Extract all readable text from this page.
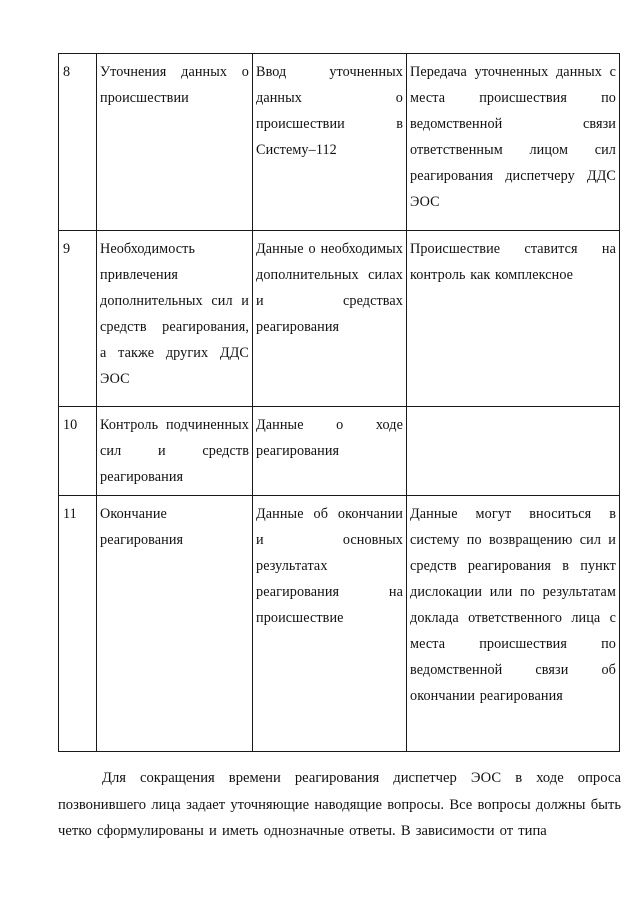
8	Уточнения данных о происшествии	Ввод уточненных данных о происшествии в Систему–112	Передача уточненных данных с места происшествия по ведомственной связи ответственным лицом сил реагирования диспетчеру ДДС ЭОС
9	Необходимость привлечения дополнительных сил и средств реагирования, а также других ДДС ЭОС	Данные о необходимых дополнительных силах и средствах реагирования	Происшествие ставится на контроль как комплексное
10	Контроль подчиненных сил и средств реагирования	Данные о ходе реагирования	
11	Окончание реагирования	Данные об окончании и основных результатах реагирования на происшествие	Данные могут вноситься в систему по возвращению сил и средств реагирования в пункт дислокации или по результатам доклада ответственного лица с места происшествия по ведомственной связи об окончании реагирования

Для сокращения времени реагирования диспетчер ЭОС в ходе опроса позвонившего лица задает уточняющие наводящие вопросы. Все вопросы должны быть четко сформулированы и иметь однозначные ответы. В зависимости от типа
